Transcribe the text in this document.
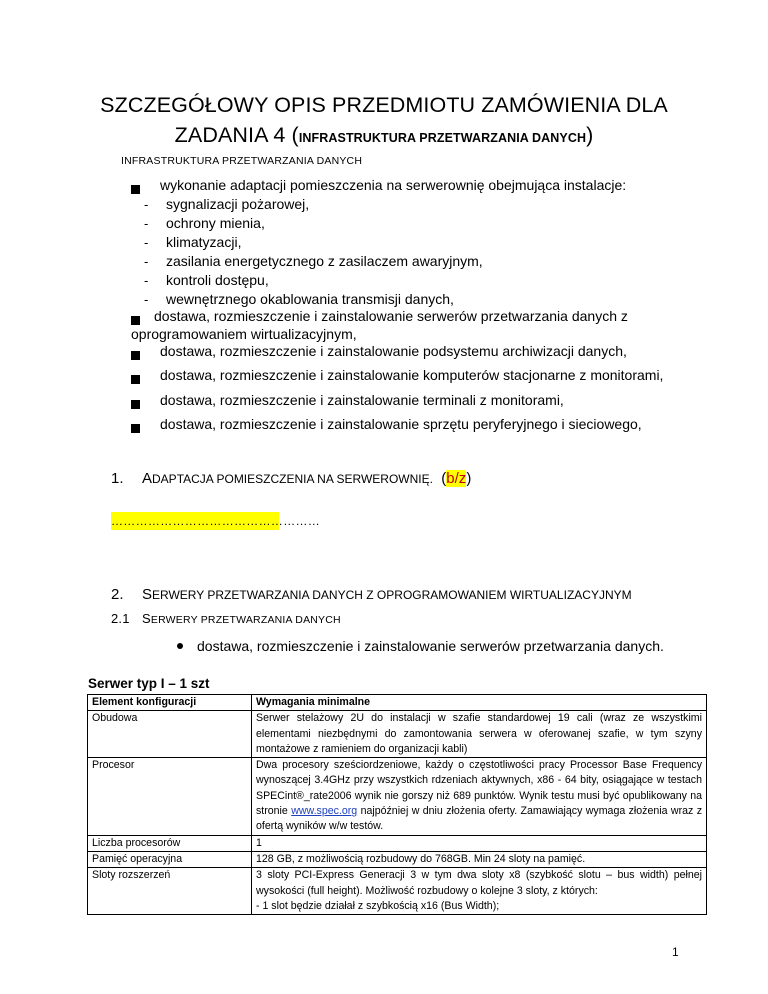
SZCZEGÓŁOWY OPIS PRZEDMIOTU ZAMÓWIENIA DLA
ZADANIA 4 (INFRASTRUKTURA PRZETWARZANIA DANYCH)
INFRASTRUKTURA PRZETWARZANIA DANYCH
wykonanie adaptacji pomieszczenia na serwerownię obejmująca instalacje:
- sygnalizacji pożarowej,
- ochrony mienia,
- klimatyzacji,
- zasilania energetycznego z zasilaczem awaryjnym,
- kontroli dostępu,
- wewnętrznego okablowania transmisji danych,
dostawa, rozmieszczenie i zainstalowanie serwerów przetwarzania danych z
oprogramowaniem wirtualizacyjnym,
dostawa, rozmieszczenie i zainstalowanie podsystemu archiwizacji danych,
dostawa, rozmieszczenie i zainstalowanie komputerów stacjonarne z monitorami,
dostawa, rozmieszczenie i zainstalowanie terminali z monitorami,
dostawa, rozmieszczenie i zainstalowanie sprzętu peryferyjnego i sieciowego,
1. ADAPTACJA POMIESZCZENIA NA SERWEROWNIĘ. (b/z)
……………………………………………
2. SERWERY PRZETWARZANIA DANYCH Z OPROGRAMOWANIEM WIRTUALIZACYJNYM
2.1 SERWERY PRZETWARZANIA DANYCH
dostawa, rozmieszczenie i zainstalowanie serwerów przetwarzania danych.
Serwer typ I – 1 szt
Element konfiguracji	Wymagania minimalne
Obudowa	Serwer stelażowy 2U do instalacji w szafie standardowej 19 cali (wraz ze wszystkimi elementami niezbędnymi do zamontowania serwera w oferowanej szafie, w tym szyny montażowe z ramieniem do organizacji kabli)
Procesor	Dwa procesory sześciordzeniowe, każdy o częstotliwości pracy Processor Base Frequency wynoszącej 3.4GHz przy wszystkich rdzeniach aktywnych, x86 - 64 bity, osiągające w testach SPECint®_rate2006 wynik nie gorszy niż 689 punktów. Wynik testu musi być opublikowany na stronie www.spec.org najpóźniej w dniu złożenia oferty. Zamawiający wymaga złożenia wraz z ofertą wyników w/w testów.
Liczba procesorów	1
Pamięć operacyjna	128 GB, z możliwością rozbudowy do 768GB. Min 24 sloty na pamięć.
Sloty rozszerzeń	3 sloty PCI-Express Generacji 3 w tym dwa sloty x8 (szybkość slotu – bus width) pełnej wysokości (full height). Możliwość rozbudowy o kolejne 3 sloty, z których:
- 1 slot będzie działał z szybkością x16 (Bus Width);
1
